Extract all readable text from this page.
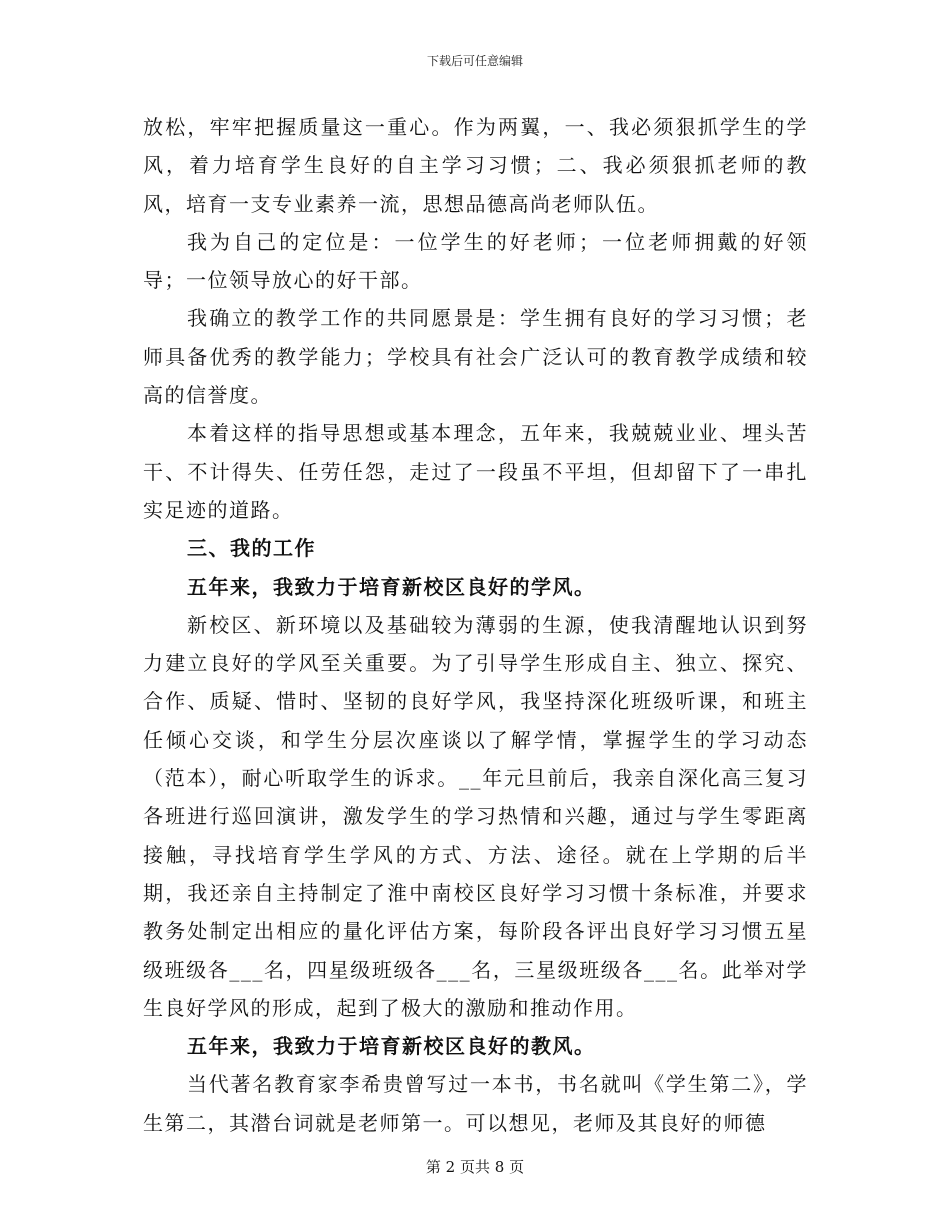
下载后可任意编辑

放松，牢牢把握质量这一重心。作为两翼，一、我必须狠抓学生的学风，着力培育学生良好的自主学习习惯；二、我必须狠抓老师的教风，培育一支专业素养一流，思想品德高尚老师队伍。

我为自己的定位是：一位学生的好老师；一位老师拥戴的好领导；一位领导放心的好干部。

我确立的教学工作的共同愿景是：学生拥有良好的学习习惯；老师具备优秀的教学能力；学校具有社会广泛认可的教育教学成绩和较高的信誉度。

本着这样的指导思想或基本理念，五年来，我兢兢业业、埋头苦干、不计得失、任劳任怨，走过了一段虽不平坦，但却留下了一串扎实足迹的道路。

三、我的工作

五年来，我致力于培育新校区良好的学风。

新校区、新环境以及基础较为薄弱的生源，使我清醒地认识到努力建立良好的学风至关重要。为了引导学生形成自主、独立、探究、合作、质疑、惜时、坚韧的良好学风，我坚持深化班级听课，和班主任倾心交谈，和学生分层次座谈以了解学情，掌握学生的学习动态（范本），耐心听取学生的诉求。__年元旦前后，我亲自深化高三复习各班进行巡回演讲，激发学生的学习热情和兴趣，通过与学生零距离接触，寻找培育学生学风的方式、方法、途径。就在上学期的后半期，我还亲自主持制定了淮中南校区良好学习习惯十条标准，并要求教务处制定出相应的量化评估方案，每阶段各评出良好学习习惯五星级班级各___名，四星级班级各___名，三星级班级各___名。此举对学生良好学风的形成，起到了极大的激励和推动作用。

五年来，我致力于培育新校区良好的教风。

当代著名教育家李希贵曾写过一本书，书名就叫《学生第二》，学生第二，其潜台词就是老师第一。可以想见，老师及其良好的师德

第 2 页共 8 页
